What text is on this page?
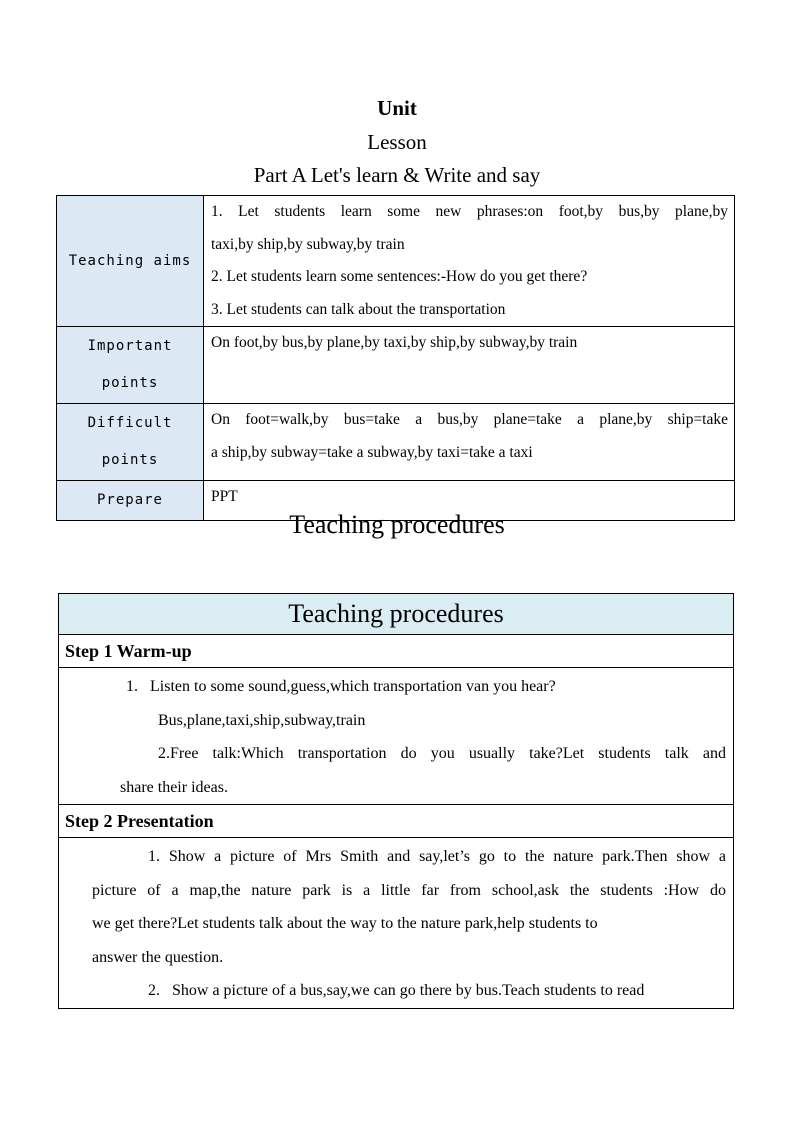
Unit
Lesson
Part A Let's learn & Write and say
Teaching aims	1. Let students learn some new phrases:on foot,by bus,by plane,by
taxi,by ship,by subway,by train
2. Let students learn some sentences:-How do you get there?
3. Let students can talk about the transportation

Important
points	On foot,by bus,by plane,by taxi,by ship,by subway,by train

Difficult
points	On foot=walk,by bus=take a bus,by plane=take a plane,by ship=take
a ship,by subway=take a subway,by taxi=take a taxi

Prepare	PPT
Teaching procedures
Teaching procedures
Step 1 Warm-up

1.   Listen to some sound,guess,which transportation van you hear?
Bus,plane,taxi,ship,subway,train
2.Free talk:Which transportation do you usually take?Let students talk and
share their ideas.

Step 2 Presentation

1. Show a picture of Mrs Smith and say,let’s go to the nature park.Then show a
picture of a map,the nature park is a little far from school,ask the students :How do
we get there?Let students talk about the way to the nature park,help students to
answer the question.
2.   Show a picture of a bus,say,we can go there by bus.Teach students to read
